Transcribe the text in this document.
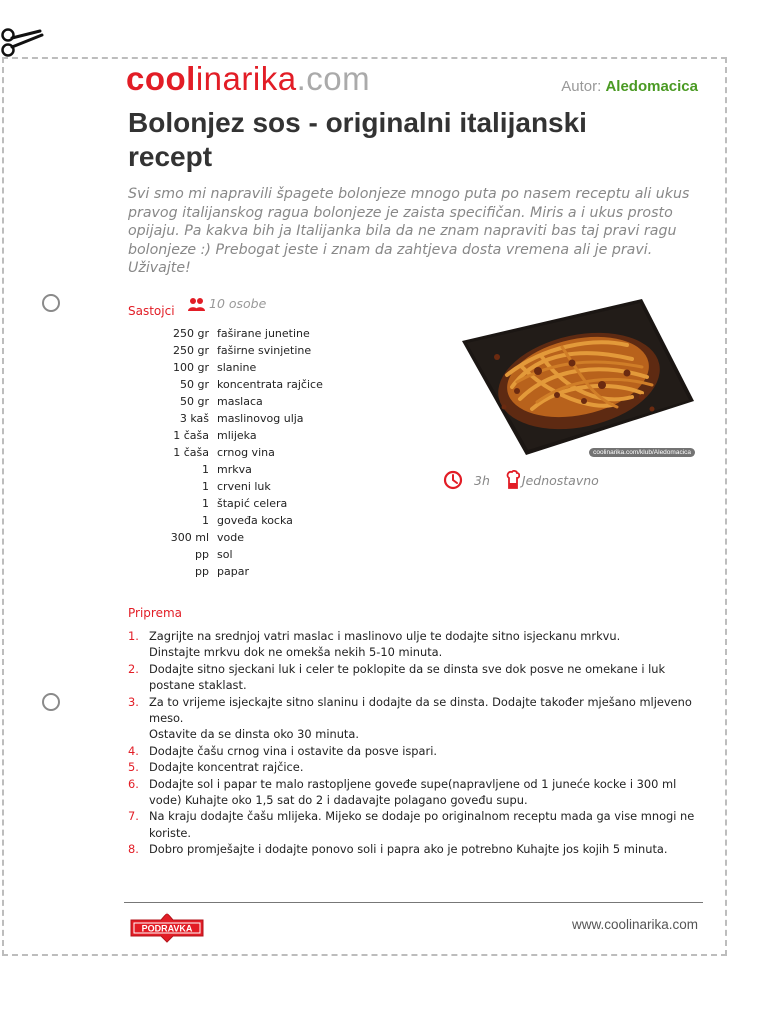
coolinarika.com	Autor: Aledomacica
Bolonjez sos - originalni italijanski recept

Svi smo mi napravili špagete bolonjeze mnogo puta po nasem receptu ali ukus pravog italijanskog ragua bolonjeze je zaista specifičan. Miris a i ukus prosto opijaju. Pa kakva bih ja Italijanka bila da ne znam napraviti bas taj pravi ragu bolonjeze :) Prebogat jeste i znam da zahtjeva dosta vremena ali je pravi. Uživajte!

Sastojci	10 osobe
250 gr faširane junetine
250 gr faširne svinjetine
100 gr slanine
50 gr koncentrata rajčice
50 gr maslaca
3 kaš maslinovog ulja
1 čaša mlijeka
1 čaša crnog vina
1 mrkva
1 crveni luk
1 štapić celera
1 goveđa kocka
300 ml vode
pp sol
pp papar
coolinarika.com/klub/Aledomacica
3h	Jednostavno
Priprema
1. Zagrijte na srednjoj vatri maslac i maslinovo ulje te dodajte sitno isjeckanu mrkvu.
Dinstajte mrkvu dok ne omekša nekih 5-10 minuta.
2. Dodajte sitno sjeckani luk i celer te poklopite da se dinsta sve dok posve ne omekane i luk postane staklast.
3. Za to vrijeme isjeckajte sitno slaninu i dodajte da se dinsta. Dodajte također mješano mljeveno meso.
Ostavite da se dinsta oko 30 minuta.
4. Dodajte čašu crnog vina i ostavite da posve ispari.
5. Dodajte koncentrat rajčice.
6. Dodajte sol i papar te malo rastopljene goveđe supe(napravljene od 1 juneće kocke i 300 ml vode) Kuhajte oko 1,5 sat do 2 i dadavajte polagano goveđu supu.
7. Na kraju dodajte čašu mlijeka. Mijeko se dodaje po originalnom receptu mada ga vise mnogi ne koriste.
8. Dobro promješajte i dodajte ponovo soli i papra ako je potrebno Kuhajte jos kojih 5 minuta.
PODRAVKA	www.coolinarika.com
